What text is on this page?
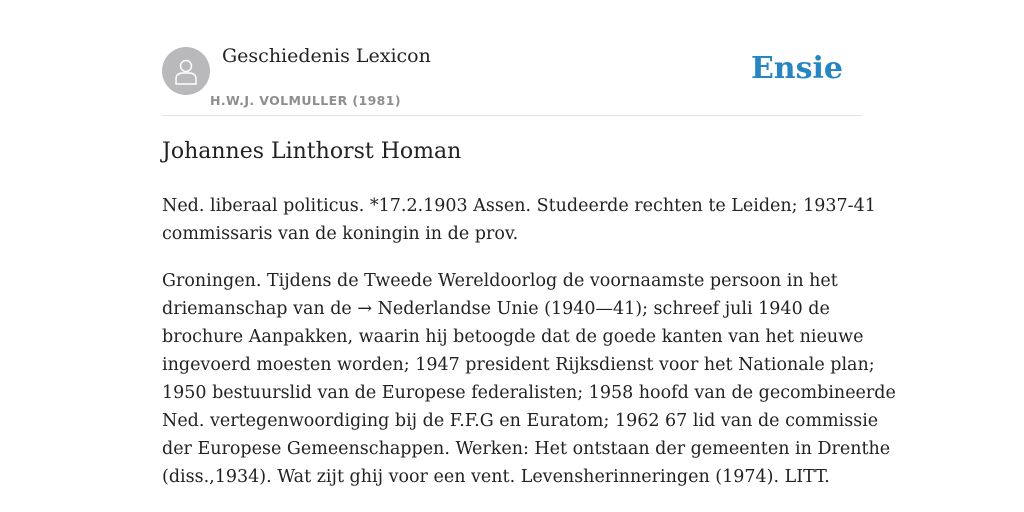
Geschiedenis Lexicon
H.W.J. VOLMULLER (1981)
Ensie
Johannes Linthorst Homan

Ned. liberaal politicus. *17.2.1903 Assen. Studeerde rechten te Leiden; 1937-41
commissaris van de koningin in de prov.

Groningen. Tijdens de Tweede Wereldoorlog de voornaamste persoon in het
driemanschap van de → Nederlandse Unie (1940—41); schreef juli 1940 de
brochure Aanpakken, waarin hij betoogde dat de goede kanten van het nieuwe
ingevoerd moesten worden; 1947 president Rijksdienst voor het Nationale plan;
1950 bestuurslid van de Europese federalisten; 1958 hoofd van de gecombineerde
Ned. vertegenwoordiging bij de F.F.G en Euratom; 1962 67 lid van de commissie
der Europese Gemeenschappen. Werken: Het ontstaan der gemeenten in Drenthe
(diss.,1934). Wat zijt ghij voor een vent. Levensherinneringen (1974). LITT.
